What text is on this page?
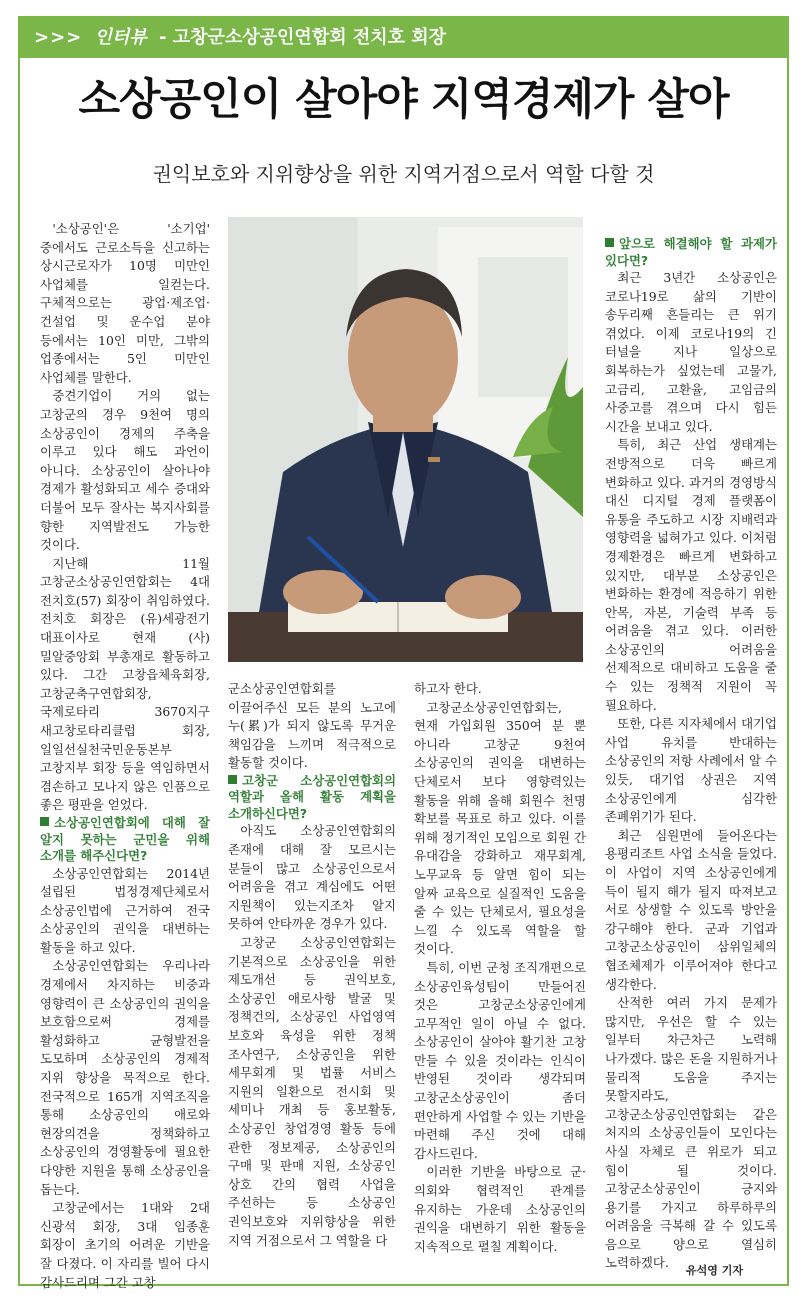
>>> 인터뷰 - 고창군소상공인연합회 전치호 회장
소상공인이 살아야 지역경제가 살아
권익보호와 지위향상을 위한 지역거점으로서 역할 다할 것

'소상공인'은 '소기업' 중에서도 근로소득을 신고하는 상시근로자가 10명 미만인 사업체를 일컫는다. 구체적으로는 광업·제조업·건설업 및 운수업 분야 등에서는 10인 미만, 그밖의 업종에서는 5인 미만인 사업체를 말한다.

중견기업이 거의 없는 고창군의 경우 9천여 명의 소상공인이 경제의 주축을 이루고 있다 해도 과언이 아니다. 소상공인이 살아나야 경제가 활성화되고 세수 증대와 더불어 모두 잘사는 복지사회를 향한 지역발전도 가능한 것이다.

지난해 11월 고창군소상공인연합회는 4대 전치호(57) 회장이 취임하였다. 전치호 회장은 (유)세광전기 대표이사로 현재 (사)밀알중앙회 부총재로 활동하고 있다. 그간 고창읍체육회장, 고창군축구연합회장, 국제로타리 3670지구 새고창로타리클럽 회장, 일일선실천국민운동본부 고창지부 회장 등을 역임하면서 겸손하고 모나지 않은 인품으로 좋은 평판을 얻었다.

소상공인연합회에 대해 잘 알지 못하는 군민을 위해 소개를 해주신다면?

소상공인연합회는 2014년 설립된 법정경제단체로서 소상공인법에 근거하여 전국 소상공인의 권익을 대변하는 활동을 하고 있다.

소상공인연합회는 우리나라 경제에서 차지하는 비중과 영향력이 큰 소상공인의 권익을 보호함으로써 경제를 활성화하고 균형발전을 도모하며 소상공인의 경제적 지위 향상을 목적으로 한다. 전국적으로 165개 지역조직을 통해 소상공인의 애로와 현장의견을 정책화하고 소상공인의 경영활동에 필요한 다양한 지원을 통해 소상공인을 돕는다.

고창군에서는 1대와 2대 신광석 회장, 3대 임종훈 회장이 초기의 어려운 기반을 잘 다졌다. 이 자리를 빌어 다시 감사드리며 그간 고창

군소상공인연합회를 이끌어주신 모든 분의 노고에 누(累)가 되지 않도록 무거운 책임감을 느끼며 적극적으로 활동할 것이다.

고창군 소상공인연합회의 역할과 올해 활동 계획을 소개하신다면?

아직도 소상공인연합회의 존재에 대해 잘 모르시는 분들이 많고 소상공인으로서 어려움을 겪고 계심에도 어떤 지원책이 있는지조차 알지 못하여 안타까운 경우가 있다.

고창군 소상공인연합회는 기본적으로 소상공인을 위한 제도개선 등 권익보호, 소상공인 애로사항 발굴 및 정책건의, 소상공인 사업영역 보호와 육성을 위한 정책 조사연구, 소상공인을 위한 세무회계 및 법률 서비스 지원의 일환으로 전시회 및 세미나 개최 등 홍보활동, 소상공인 창업경영 활동 등에 관한 정보제공, 소상공인의 구매 및 판매 지원, 소상공인 상호 간의 협력 사업을 주선하는 등 소상공인 권익보호와 지위향상을 위한 지역 거점으로서 그 역할을 다

하고자 한다.

고창군소상공인연합회는, 현재 가입회원 350여 분 뿐 아니라 고창군 9천여 소상공인의 권익을 대변하는 단체로서 보다 영향력있는 활동을 위해 올해 회원수 천명 확보를 목표로 하고 있다. 이를 위해 정기적인 모임으로 회원 간 유대감을 강화하고 재무회계, 노무교육 등 알면 힘이 되는 알짜 교육으로 실질적인 도움을 줄 수 있는 단체로서, 필요성을 느낄 수 있도록 역할을 할 것이다.

특히, 이번 군청 조직개편으로 소상공인육성팀이 만들어진 것은 고창군소상공인에게 고무적인 일이 아닐 수 없다. 소상공인이 살아야 활기찬 고창 만들 수 있을 것이라는 인식이 반영된 것이라 생각되며 고창군소상공인이 좀더 편안하게 사업할 수 있는 기반을 마련해 주신 것에 대해 감사드린다.

이러한 기반을 바탕으로 군·의회와 협력적인 관계를 유지하는 가운데 소상공인의 권익을 대변하기 위한 활동을 지속적으로 펼칠 계획이다.

앞으로 해결해야 할 과제가 있다면?

최근 3년간 소상공인은 코로나19로 삶의 기반이 송두리째 흔들리는 큰 위기 겪었다. 이제 코로나19의 긴 터널을 지나 일상으로 회복하는가 싶었는데 고물가, 고금리, 고환율, 고임금의 사중고를 겪으며 다시 힘든 시간을 보내고 있다.

특히, 최근 산업 생태계는 전방적으로 더욱 빠르게 변화하고 있다. 과거의 경영방식 대신 디지털 경제 플랫폼이 유통을 주도하고 시장 지배력과 영향력을 넓혀가고 있다. 이처럼 경제환경은 빠르게 변화하고 있지만, 대부분 소상공인은 변화하는 환경에 적응하기 위한 안목, 자본, 기술력 부족 등 어려움을 겪고 있다. 이러한 소상공인의 어려움을 선제적으로 대비하고 도움을 줄 수 있는 정책적 지원이 꼭 필요하다.

또한, 다른 지자체에서 대기업 사업 유치를 반대하는 소상공인의 저항 사례에서 알 수 있듯, 대기업 상권은 지역 소상공인에게 심각한 존폐위기가 된다.

최근 심원면에 들어온다는 용평리조트 사업 소식을 들었다. 이 사업이 지역 소상공인에게 득이 될지 해가 될지 따져보고 서로 상생할 수 있도록 방안을 강구해야 한다. 군과 기업과 고창군소상공인이 삼위일체의 협조체제가 이루어져야 한다고 생각한다.

산적한 여러 가지 문제가 많지만, 우선은 할 수 있는 일부터 차근차근 노력해 나가겠다. 많은 돈을 지원하거나 물리적 도움을 주지는 못할지라도, 고창군소상공인연합회는 같은 처지의 소상공인들이 모인다는 사실 자체로 큰 위로가 되고 힘이 될 것이다. 고창군소상공인이 긍지와 용기를 가지고 하루하루의 어려움을 극복해 갈 수 있도록 음으로 양으로 열심히 노력하겠다.

유석영 기자
